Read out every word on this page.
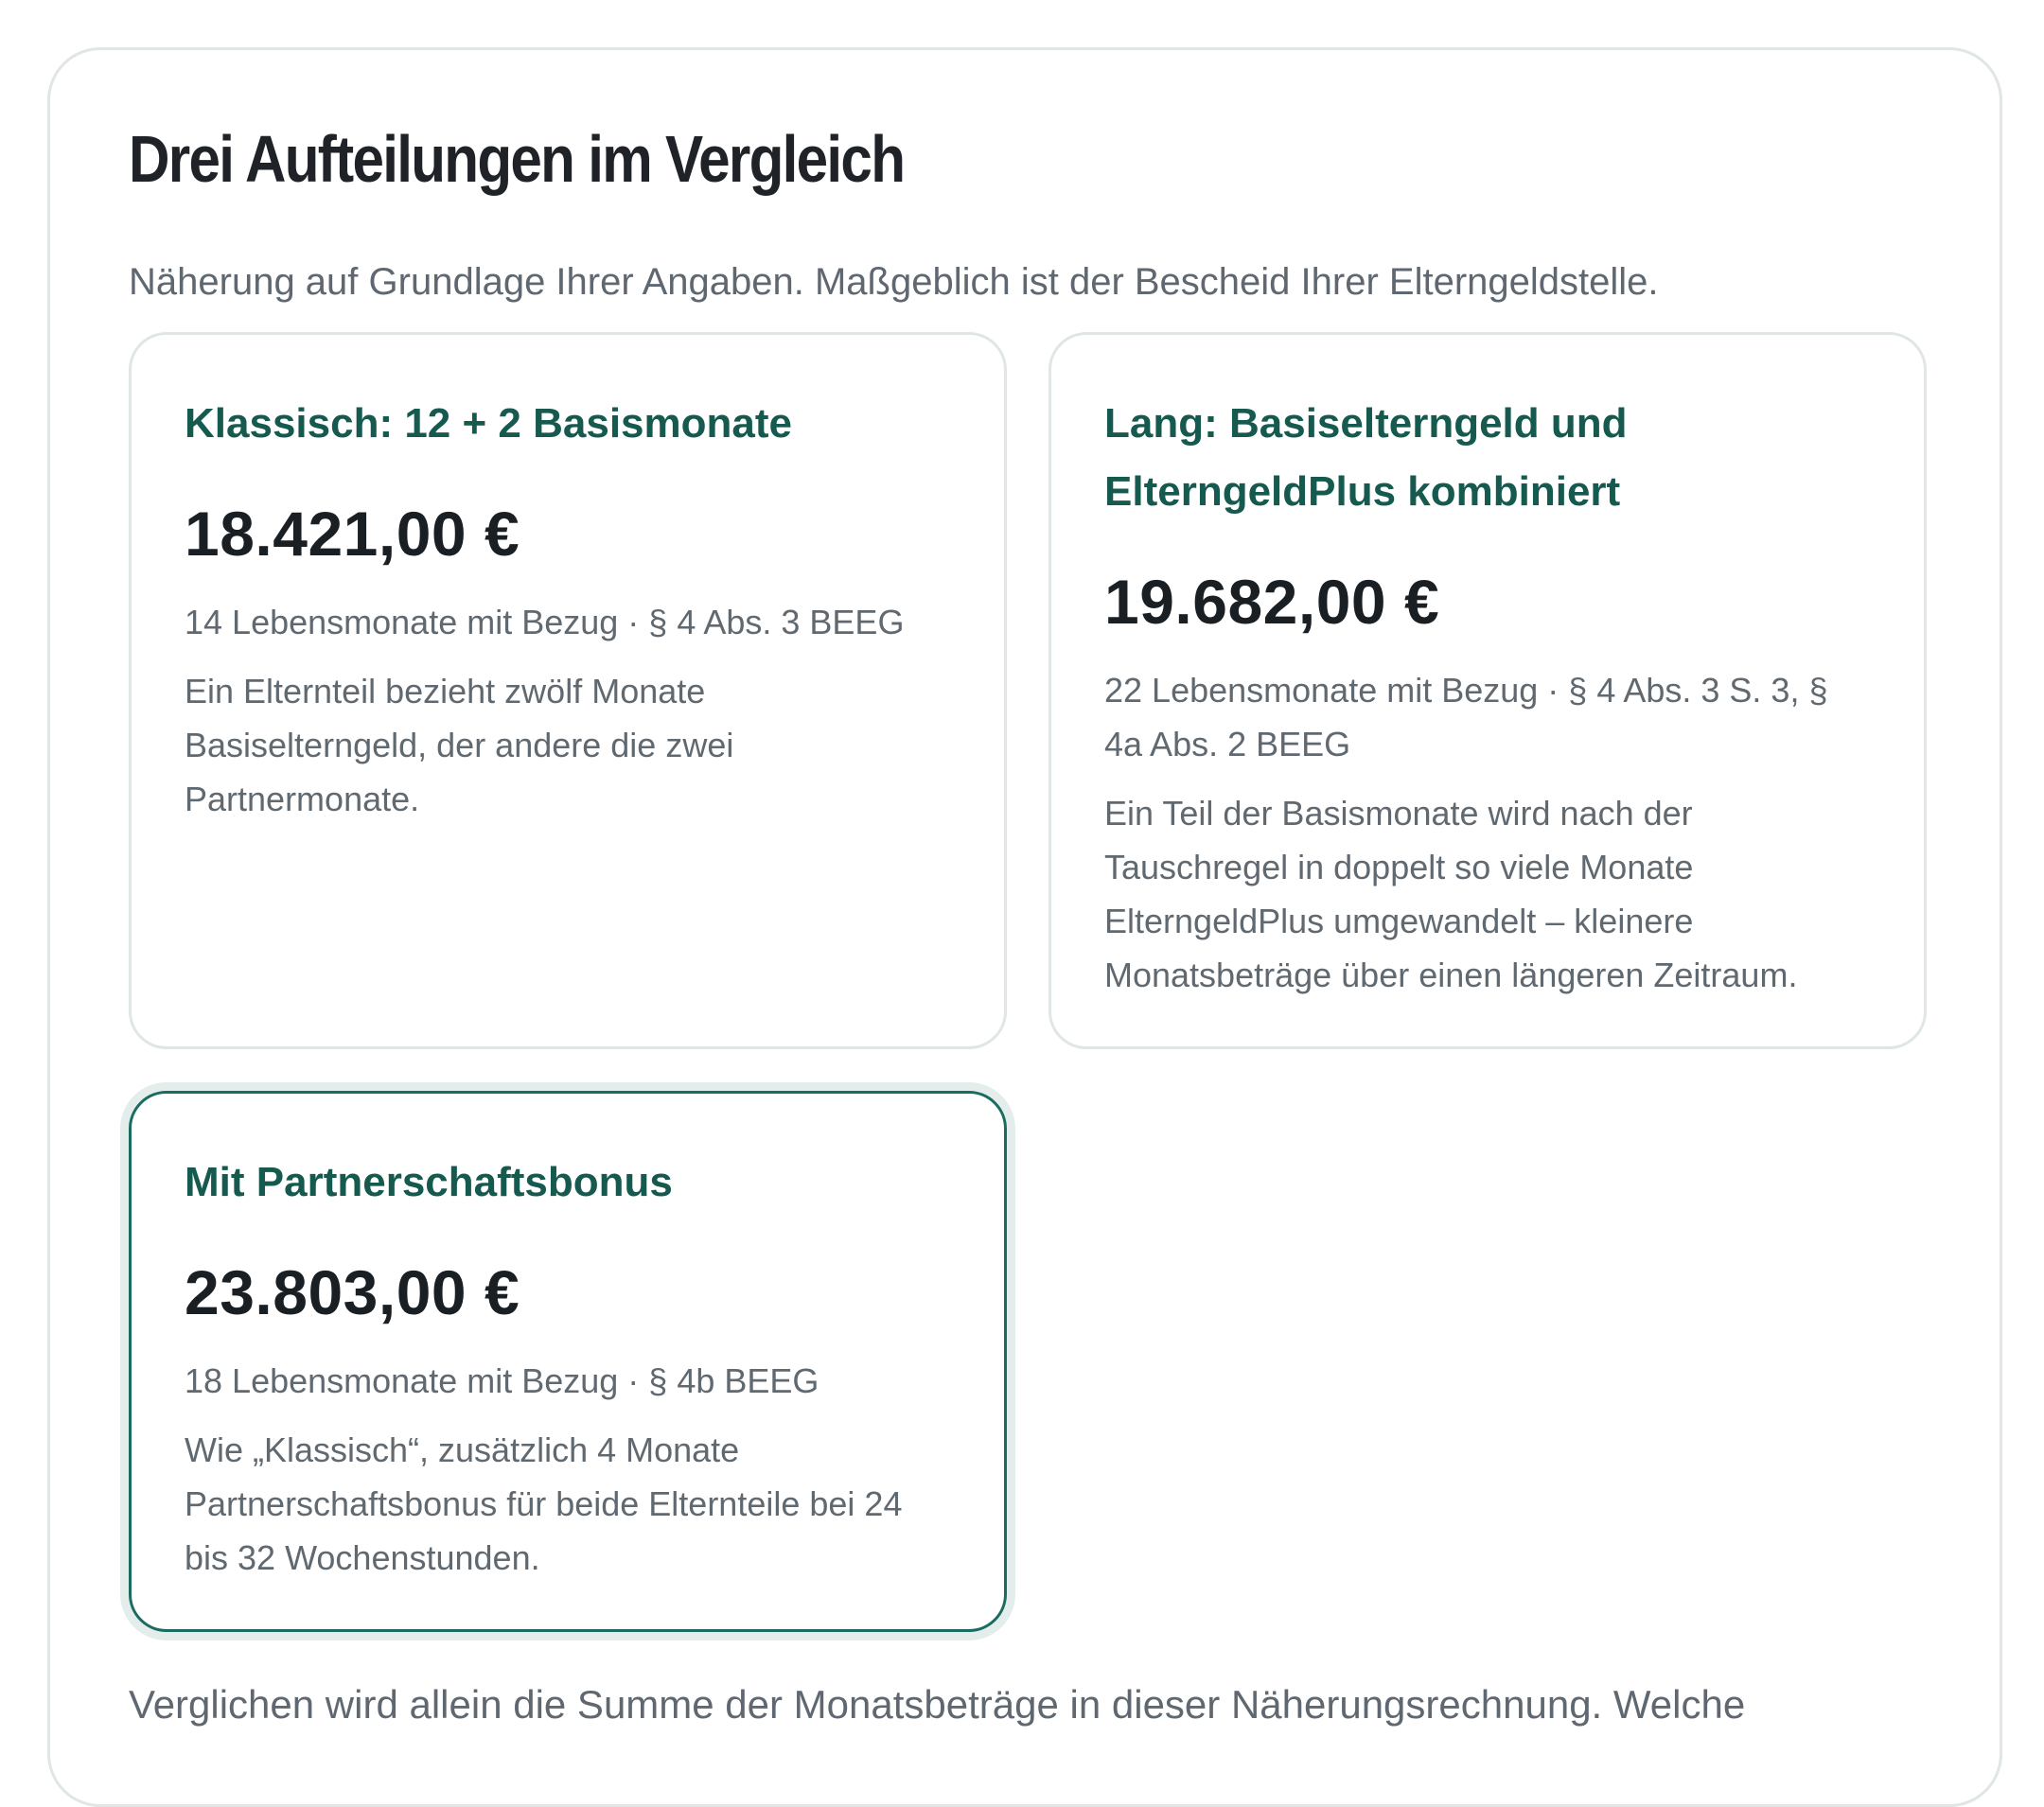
Drei Aufteilungen im Vergleich

Näherung auf Grundlage Ihrer Angaben. Maßgeblich ist der Bescheid Ihrer Elterngeldstelle.

Klassisch: 12 + 2 Basismonate

18.421,00 €

14 Lebensmonate mit Bezug · § 4 Abs. 3 BEEG

Ein Elternteil bezieht zwölf Monate Basiselterngeld, der andere die zwei Partnermonate.

Lang: Basiselterngeld und ElterngeldPlus kombiniert

19.682,00 €

22 Lebensmonate mit Bezug · § 4 Abs. 3 S. 3, § 4a Abs. 2 BEEG

Ein Teil der Basismonate wird nach der Tauschregel in doppelt so viele Monate ElterngeldPlus umgewandelt – kleinere Monatsbeträge über einen längeren Zeitraum.

Mit Partnerschaftsbonus

23.803,00 €

18 Lebensmonate mit Bezug · § 4b BEEG

Wie „Klassisch“, zusätzlich 4 Monate Partnerschaftsbonus für beide Elternteile bei 24 bis 32 Wochenstunden.

Verglichen wird allein die Summe der Monatsbeträge in dieser Näherungsrechnung. Welche
